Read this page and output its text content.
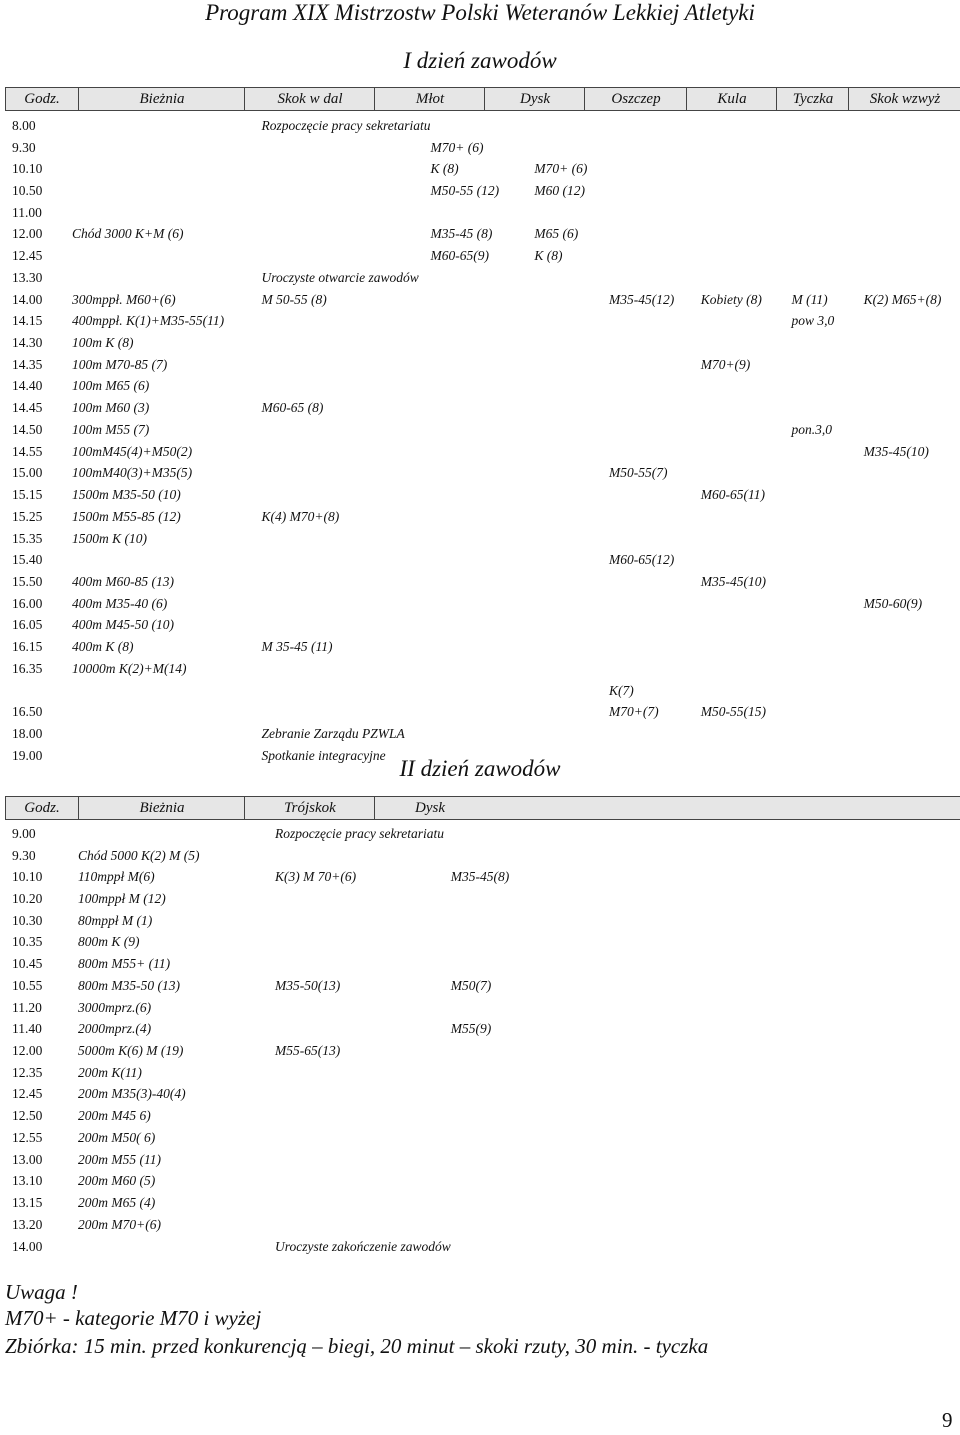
Program XIX Mistrzostw Polski Weteranów Lekkiej Atletyki
I dzień zawodów
Godz.	Bieżnia	Skok w dal	Młot	Dysk	Oszczep	Kula	Tyczka	Skok wzwyż
8.00		Rozpoczęcie pracy sekretariatu						
9.30			M70+ (6)					
10.10			K (8)	M70+ (6)				
10.50			M50-55 (12)	M60 (12)				
11.00								
12.00	Chód 3000 K+M (6)		M35-45 (8)	M65 (6)				
12.45			M60-65(9)	K (8)				
13.30		Uroczyste otwarcie zawodów						
14.00	300mppł. M60+(6)	M 50-55 (8)			M35-45(12)	Kobiety (8)	M (11)	K(2) M65+(8)
14.15	400mppł. K(1)+M35-55(11)						pow 3,0	
14.30	100m K (8)							
14.35	100m M70-85 (7)					M70+(9)		
14.40	100m M65 (6)							
14.45	100m M60 (3)	M60-65 (8)						
14.50	100m M55 (7)						pon.3,0	
14.55	100mM45(4)+M50(2)							M35-45(10)
15.00	100mM40(3)+M35(5)				M50-55(7)			
15.15	1500m M35-50 (10)					M60-65(11)		
15.25	1500m M55-85 (12)	K(4) M70+(8)						
15.35	1500m K (10)							
15.40					M60-65(12)			
15.50	400m M60-85 (13)					M35-45(10)		
16.00	400m M35-40 (6)							M50-60(9)
16.05	400m M45-50 (10)							
16.15	400m K (8)	M 35-45 (11)						
16.35	10000m K(2)+M(14)							
					K(7)			
16.50					M70+(7)	M50-55(15)		
18.00		Zebranie Zarządu PZWLA						
19.00		Spotkanie integracyjne						
II dzień zawodów
Godz.	Bieżnia	Trójskok	Dysk
9.00		Rozpoczęcie pracy sekretariatu	
9.30	Chód 5000 K(2) M (5)		
10.10	110mppł M(6)	K(3) M 70+(6)	M35-45(8)
10.20	100mppł M (12)		
10.30	80mppł M (1)		
10.35	800m K (9)		
10.45	800m M55+ (11)		
10.55	800m M35-50 (13)	M35-50(13)	M50(7)
11.20	3000mprz.(6)		
11.40	2000mprz.(4)		M55(9)
12.00	5000m K(6) M (19)	M55-65(13)	
12.35	200m K(11)		
12.45	200m M35(3)-40(4)		
12.50	200m M45 6)		
12.55	200m M50( 6)		
13.00	200m M55 (11)		
13.10	200m M60 (5)		
13.15	200m M65 (4)		
13.20	200m M70+(6)		
14.00		Uroczyste zakończenie zawodów	
Uwaga !
M70+ - kategorie M70 i wyżej
Zbiórka: 15 min. przed konkurencją – biegi, 20 minut – skoki rzuty, 30 min. - tyczka
9
